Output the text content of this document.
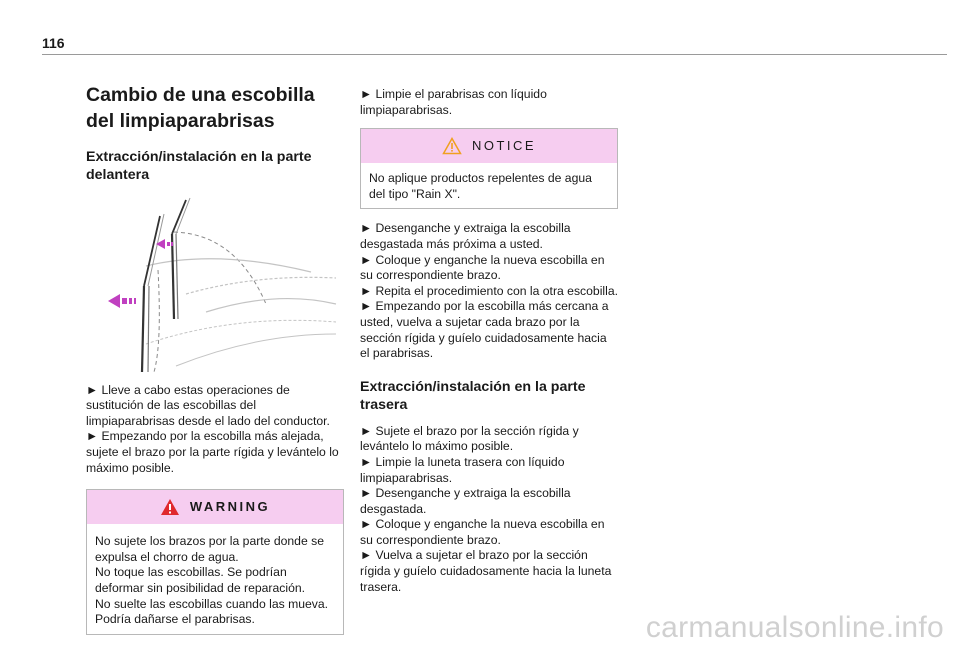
116
Cambio de una escobilla del limpiaparabrisas
Extracción/instalación en la parte delantera

► Lleve a cabo estas operaciones de sustitución de las escobillas del limpiaparabrisas desde el lado del conductor.

► Empezando por la escobilla más alejada, sujete el brazo por la parte rígida y levántelo lo máximo posible.

WARNING

No sujete los brazos por la parte donde se expulsa el chorro de agua.

No toque las escobillas. Se podrían deformar sin posibilidad de reparación.

No suelte las escobillas cuando las mueva. Podría dañarse el parabrisas.

► Limpie el parabrisas con líquido limpiaparabrisas.

NOTICE

No aplique productos repelentes de agua del tipo "Rain X".

► Desenganche y extraiga la escobilla desgastada más próxima a usted.

► Coloque y enganche la nueva escobilla en su correspondiente brazo.

► Repita el procedimiento con la otra escobilla.

► Empezando por la escobilla más cercana a usted, vuelva a sujetar cada brazo por la sección rígida y guíelo cuidadosamente hacia el parabrisas.

Extracción/instalación en la parte trasera

► Sujete el brazo por la sección rígida y levántelo lo máximo posible.

► Limpie la luneta trasera con líquido limpiaparabrisas.

► Desenganche y extraiga la escobilla desgastada.

► Coloque y enganche la nueva escobilla en su correspondiente brazo.

► Vuelva a sujetar el brazo por la sección rígida y guíelo cuidadosamente hacia la luneta trasera.

carmanualsonline.info
